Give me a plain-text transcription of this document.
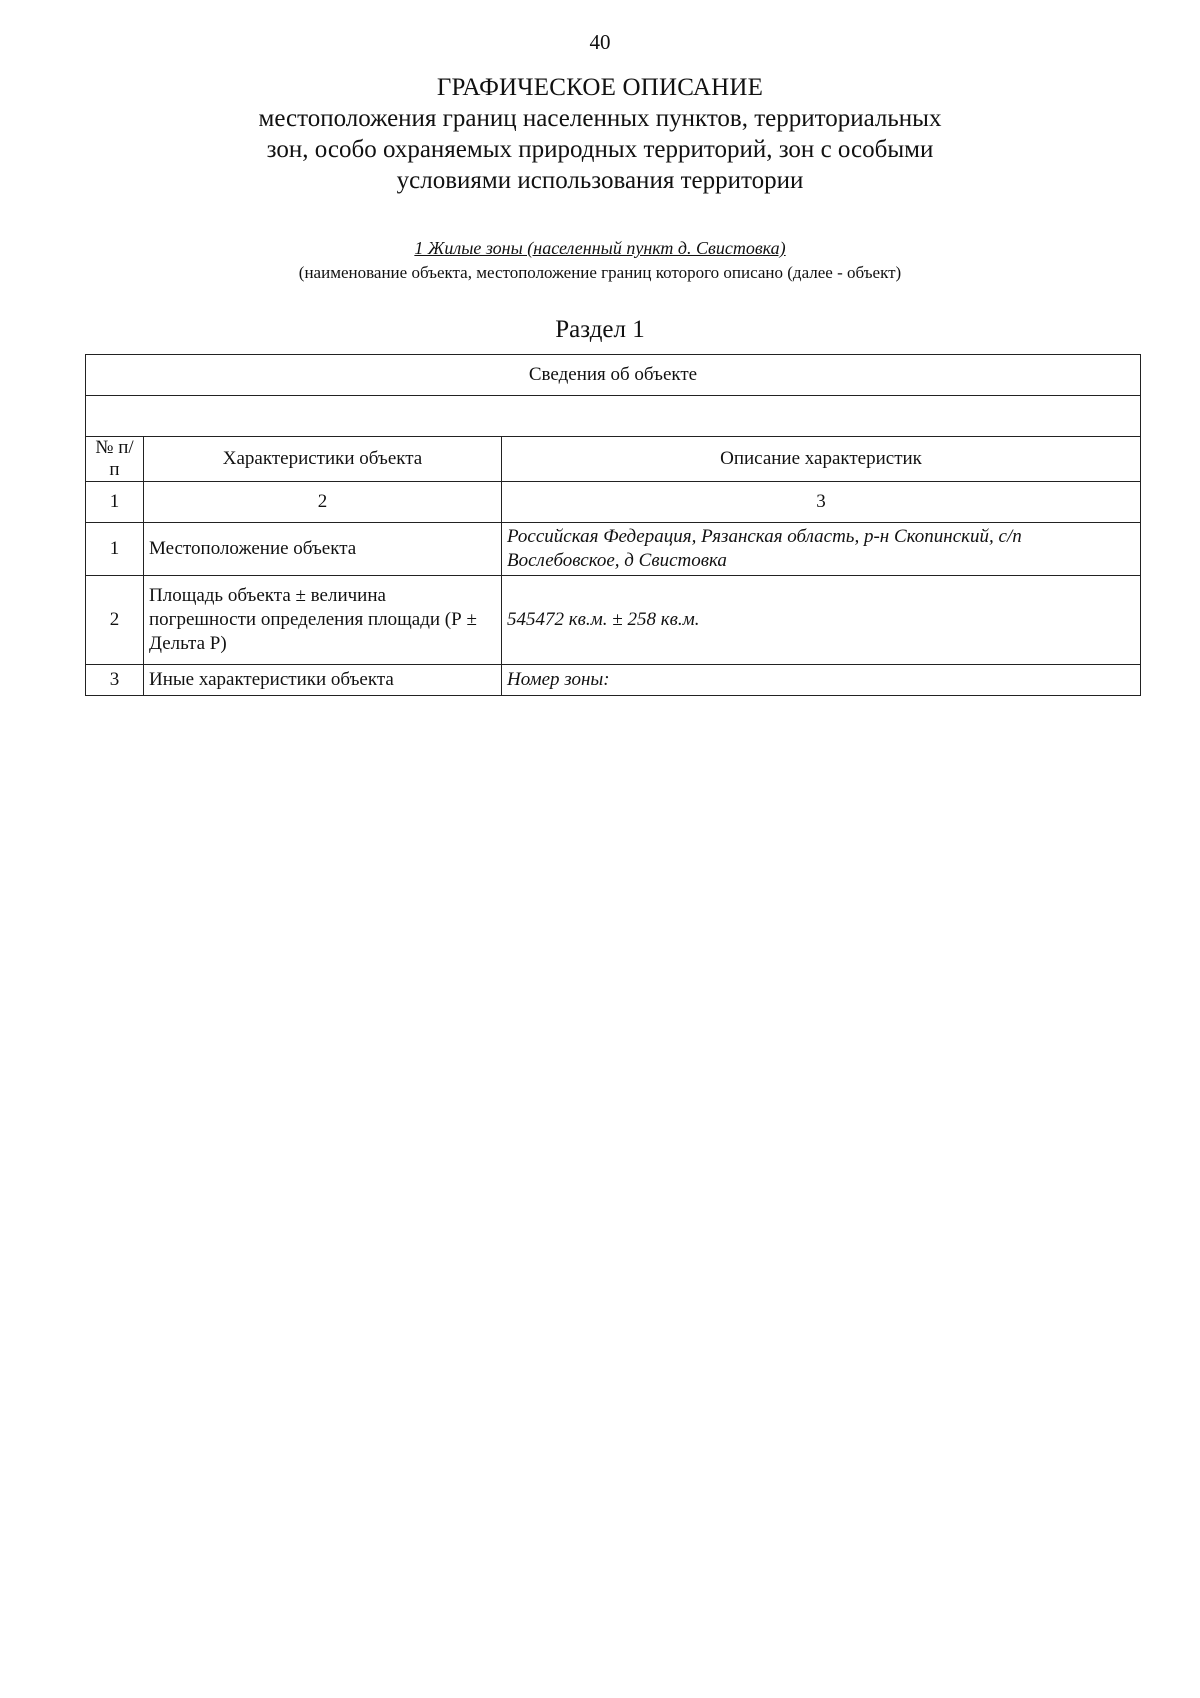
40
ГРАФИЧЕСКОЕ ОПИСАНИЕ
местоположения границ населенных пунктов, территориальных
зон, особо охраняемых природных территорий, зон с особыми
условиями использования территории
1 Жилые зоны (населенный пункт д. Свистовка)
(наименование объекта, местоположение границ которого описано (далее - объект)
Раздел 1
Сведения об объекте		

№ п/п	Характеристики объекта	Описание характеристик
1	2	3
1	Местоположение объекта	Российская Федерация, Рязанская область, р-н Скопинский, с/п Вослебовское, д Свистовка
2	Площадь объекта ± величина погрешности определения площади (Р ± Дельта Р)	545472 кв.м. ± 258 кв.м.
3	Иные характеристики объекта	Номер зоны:
